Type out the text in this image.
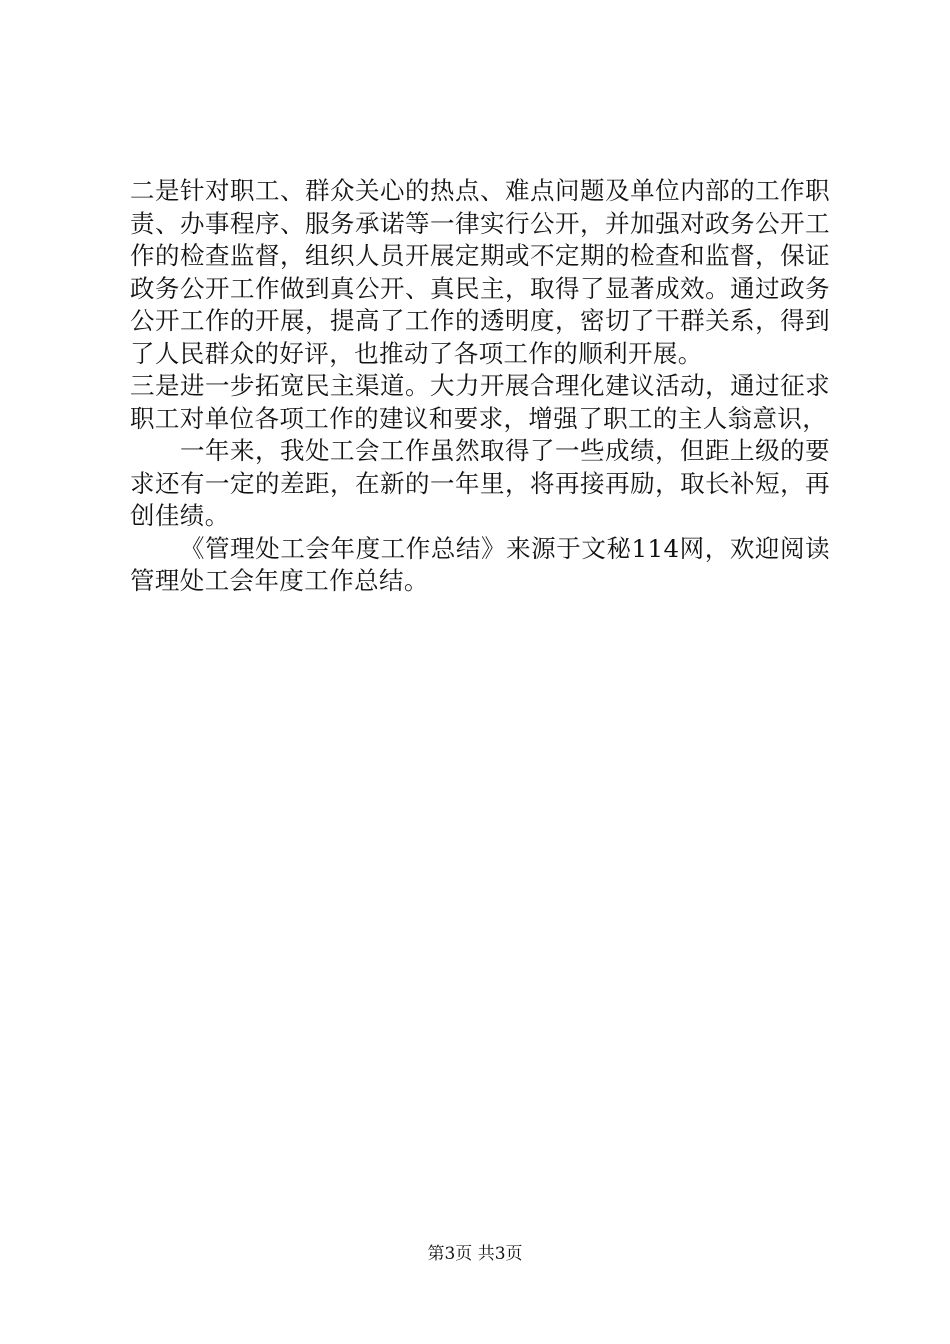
二是针对职工、群众关心的热点、难点问题及单位内部的工作职责、办事程序、服务承诺等一律实行公开，并加强对政务公开工作的检查监督，组织人员开展定期或不定期的检查和监督，保证政务公开工作做到真公开、真民主，取得了显著成效。通过政务公开工作的开展，提高了工作的透明度，密切了干群关系，得到了人民群众的好评，也推动了各项工作的顺利开展。

三是进一步拓宽民主渠道。大力开展合理化建议活动，通过征求职工对单位各项工作的建议和要求，增强了职工的主人翁意识，

一年来，我处工会工作虽然取得了一些成绩，但距上级的要求还有一定的差距，在新的一年里，将再接再励，取长补短，再创佳绩。

《管理处工会年度工作总结》来源于文秘114网，欢迎阅读管理处工会年度工作总结。

第3页 共3页
